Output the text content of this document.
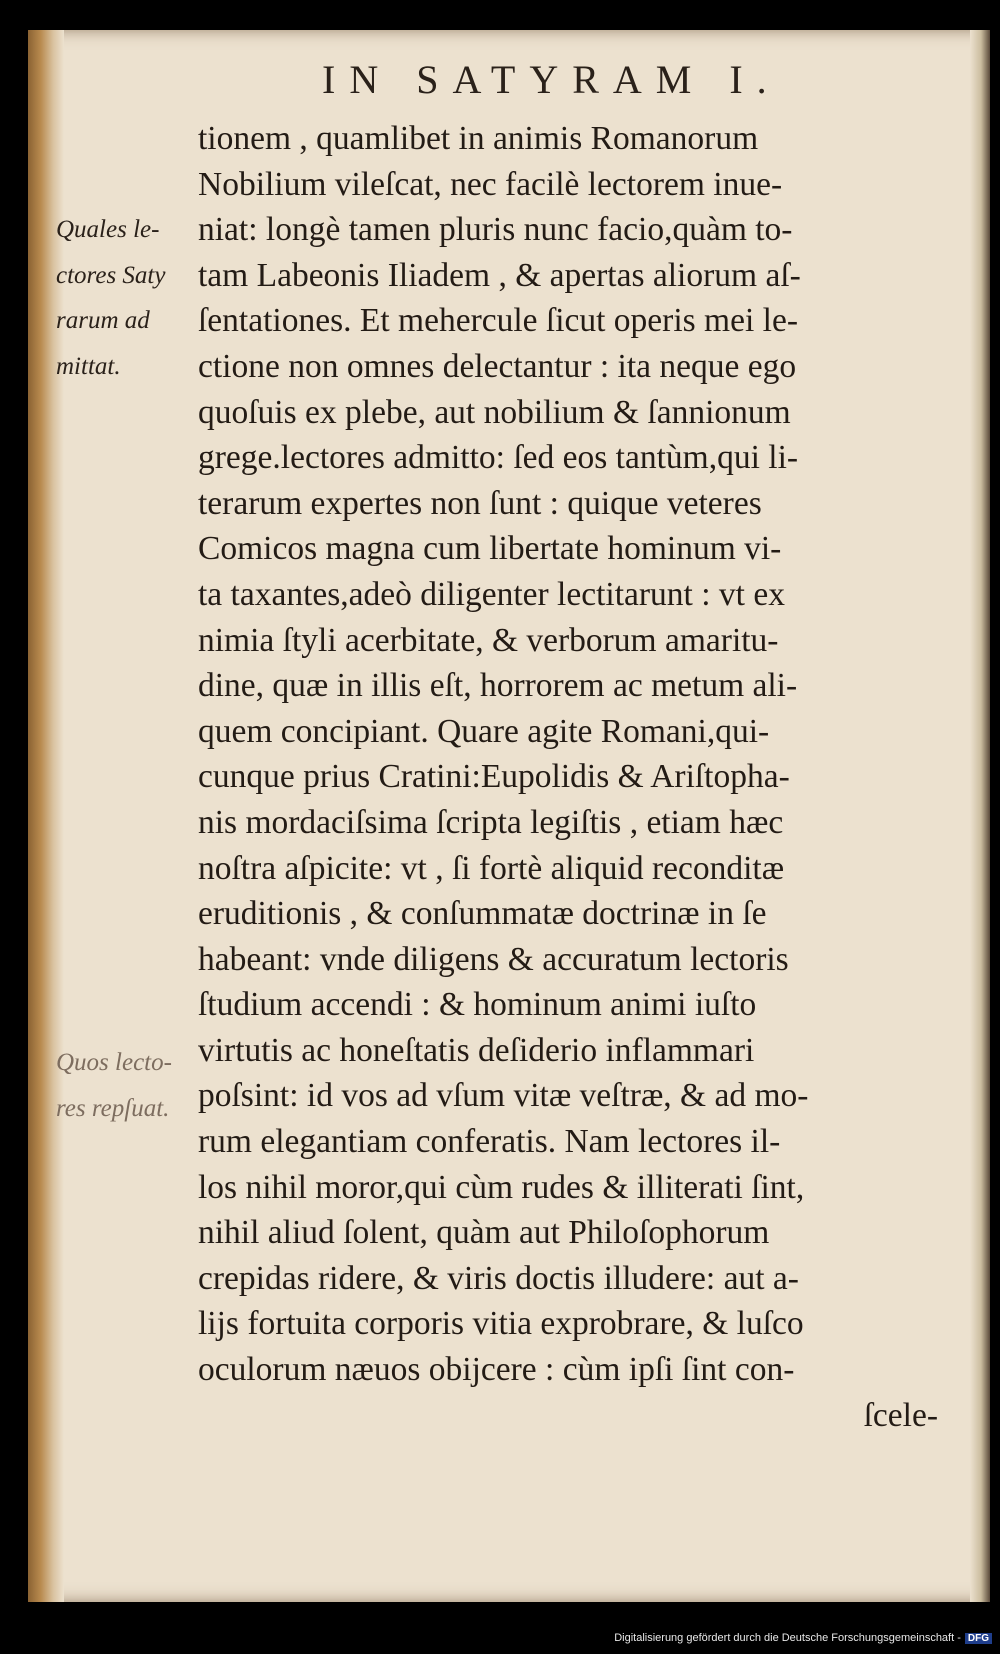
IN SATYRAM I.
Quales le-
ctores Saty
rarum ad
mittat.
Quos lecto-
res repſuat.
tionem , quamlibet in animis Romanorum
Nobilium vileſcat, nec facilè lectorem inue-
niat: longè tamen pluris nunc facio,quàm to-
tam Labeonis Iliadem , & apertas aliorum aſ-
ſentationes. Et mehercule ſicut operis mei le-
ctione non omnes delectantur : ita neque ego
quoſuis ex plebe, aut nobilium & ſannionum
grege.lectores admitto: ſed eos tantùm,qui li-
terarum expertes non ſunt : quique veteres
Comicos magna cum libertate hominum vi-
ta taxantes,adeò diligenter lectitarunt : vt ex
nimia ſtyli acerbitate, & verborum amaritu-
dine, quæ in illis eſt, horrorem ac metum ali-
quem concipiant. Quare agite Romani,qui-
cunque prius Cratini:Eupolidis & Ariſtopha-
nis mordaciſsima ſcripta legiſtis , etiam hæc
noſtra aſpicite: vt , ſi fortè aliquid reconditæ
eruditionis , & conſummatæ doctrinæ in ſe
habeant: vnde diligens & accuratum lectoris
ſtudium accendi : & hominum animi iuſto
virtutis ac honeſtatis deſiderio inflammari
poſsint: id vos ad vſum vitæ veſtræ, & ad mo-
rum elegantiam conferatis. Nam lectores il-
los nihil moror,qui cùm rudes & illiterati ſint,
nihil aliud ſolent, quàm aut Philoſophorum
crepidas ridere, & viris doctis illudere: aut a-
lijs fortuita corporis vitia exprobrare, & luſco
oculorum næuos obijcere : cùm ipſi ſint con-
ſcele-
Digitalisierung gefördert durch die Deutsche Forschungsgemeinschaft - DFG
